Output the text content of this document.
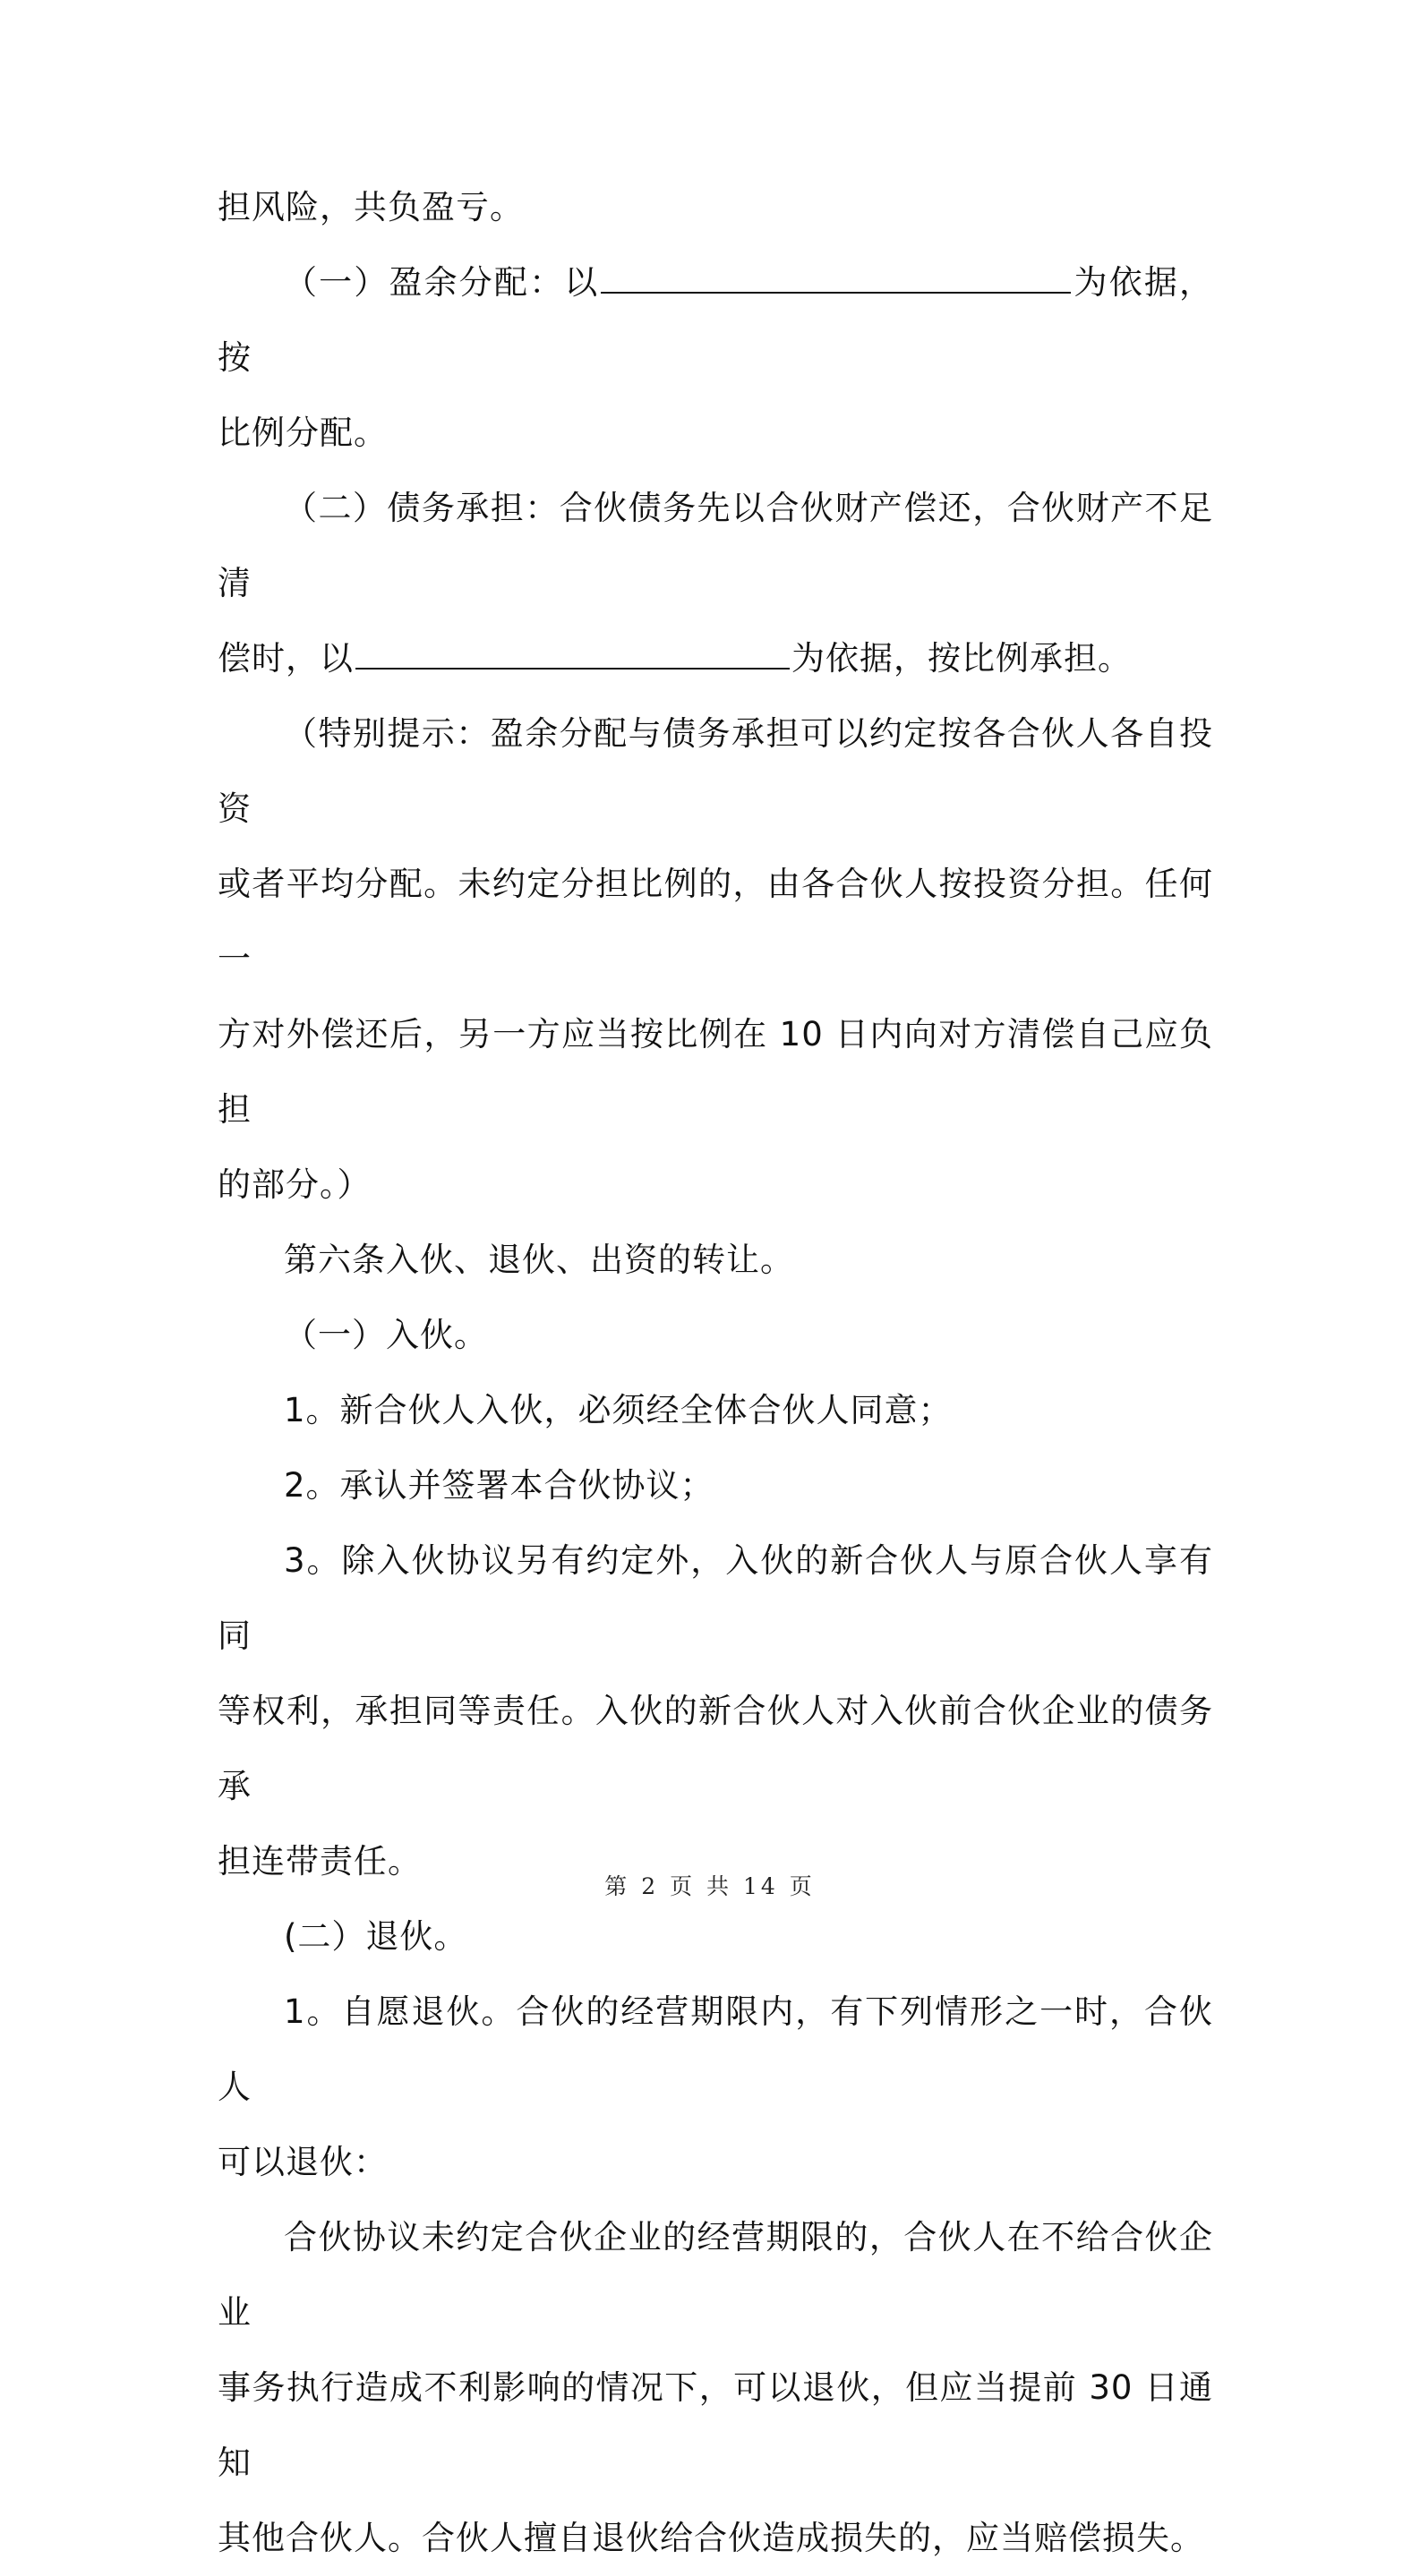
担风险，共负盈亏。
（一）盈余分配：以	为依据，按
比例分配。
（二）债务承担：合伙债务先以合伙财产偿还，合伙财产不足清
偿时，以	为依据，按比例承担。
（特别提示：盈余分配与债务承担可以约定按各合伙人各自投资
或者平均分配。未约定分担比例的，由各合伙人按投资分担。任何一
方对外偿还后，另一方应当按比例在 10 日内向对方清偿自己应负担
的部分。）
第六条入伙、退伙、出资的转让。
（一）入伙。
1。新合伙人入伙，必须经全体合伙人同意；
2。承认并签署本合伙协议；
3。除入伙协议另有约定外，入伙的新合伙人与原合伙人享有同
等权利，承担同等责任。入伙的新合伙人对入伙前合伙企业的债务承
担连带责任。
(二）退伙。
1。自愿退伙。合伙的经营期限内，有下列情形之一时，合伙人
可以退伙：
合伙协议未约定合伙企业的经营期限的，合伙人在不给合伙企业
事务执行造成不利影响的情况下，可以退伙，但应当提前 30 日通知
其他合伙人。合伙人擅自退伙给合伙造成损失的，应当赔偿损失。
第 2 页 共 14 页
